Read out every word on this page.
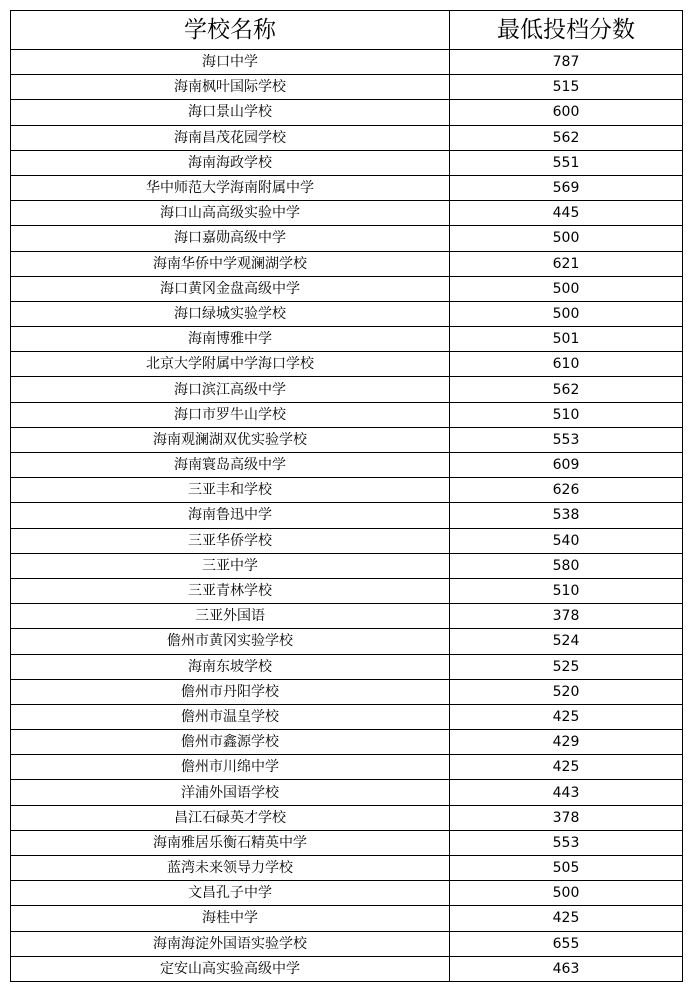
学校名称	最低投档分数
海口中学	787
海南枫叶国际学校	515
海口景山学校	600
海南昌茂花园学校	562
海南海政学校	551
华中师范大学海南附属中学	569
海口山高高级实验中学	445
海口嘉勋高级中学	500
海南华侨中学观澜湖学校	621
海口黄冈金盘高级中学	500
海口绿城实验学校	500
海南博雅中学	501
北京大学附属中学海口学校	610
海口滨江高级中学	562
海口市罗牛山学校	510
海南观澜湖双优实验学校	553
海南寰岛高级中学	609
三亚丰和学校	626
海南鲁迅中学	538
三亚华侨学校	540
三亚中学	580
三亚青林学校	510
三亚外国语	378
儋州市黄冈实验学校	524
海南东坡学校	525
儋州市丹阳学校	520
儋州市温皇学校	425
儋州市鑫源学校	429
儋州市川绵中学	425
洋浦外国语学校	443
昌江石碌英才学校	378
海南雅居乐衡石精英中学	553
蓝湾未来领导力学校	505
文昌孔子中学	500
海桂中学	425
海南海淀外国语实验学校	655
定安山高实验高级中学	463
